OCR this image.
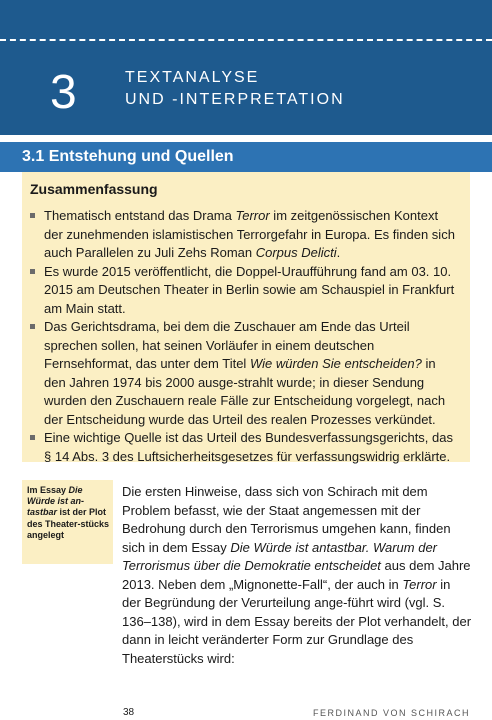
3	TEXTANALYSE
UND -INTERPRETATION
3.1 Entstehung und Quellen
Zusammenfassung
Thematisch entstand das Drama Terror im zeitgenössischen Kontext der zunehmenden islamistischen Terrorgefahr in Europa. Es finden sich auch Parallelen zu Juli Zehs Roman Corpus Delicti.
Es wurde 2015 veröffentlicht, die Doppel-Uraufführung fand am 03. 10. 2015 am Deutschen Theater in Berlin sowie am Schauspiel in Frankfurt am Main statt.
Das Gerichtsdrama, bei dem die Zuschauer am Ende das Urteil sprechen sollen, hat seinen Vorläufer in einem deutschen Fernsehformat, das unter dem Titel Wie würden Sie entscheiden? in den Jahren 1974 bis 2000 ausge-strahlt wurde; in dieser Sendung wurden den Zuschauern reale Fälle zur Entscheidung vorgelegt, nach der Entscheidung wurde das Urteil des realen Prozesses verkündet.
Eine wichtige Quelle ist das Urteil des Bundesverfassungsgerichts, das § 14 Abs. 3 des Luftsicherheitsgesetzes für verfassungswidrig erklärte.
Im Essay Die Würde ist an-tastbar ist der Plot des Theater-stücks angelegt

Die ersten Hinweise, dass sich von Schirach mit dem Problem befasst, wie der Staat angemessen mit der Bedrohung durch den Terrorismus umgehen kann, finden sich in dem Essay Die Würde ist antastbar. Warum der Terrorismus über die Demokratie entscheidet aus dem Jahre 2013. Neben dem „Mignonette-Fall“, der auch in Terror in der Begründung der Verurteilung ange-führt wird (vgl. S. 136–138), wird in dem Essay bereits der Plot verhandelt, der dann in leicht veränderter Form zur Grundlage des Theaterstücks wird:

38	FERDINAND VON SCHIRACH
